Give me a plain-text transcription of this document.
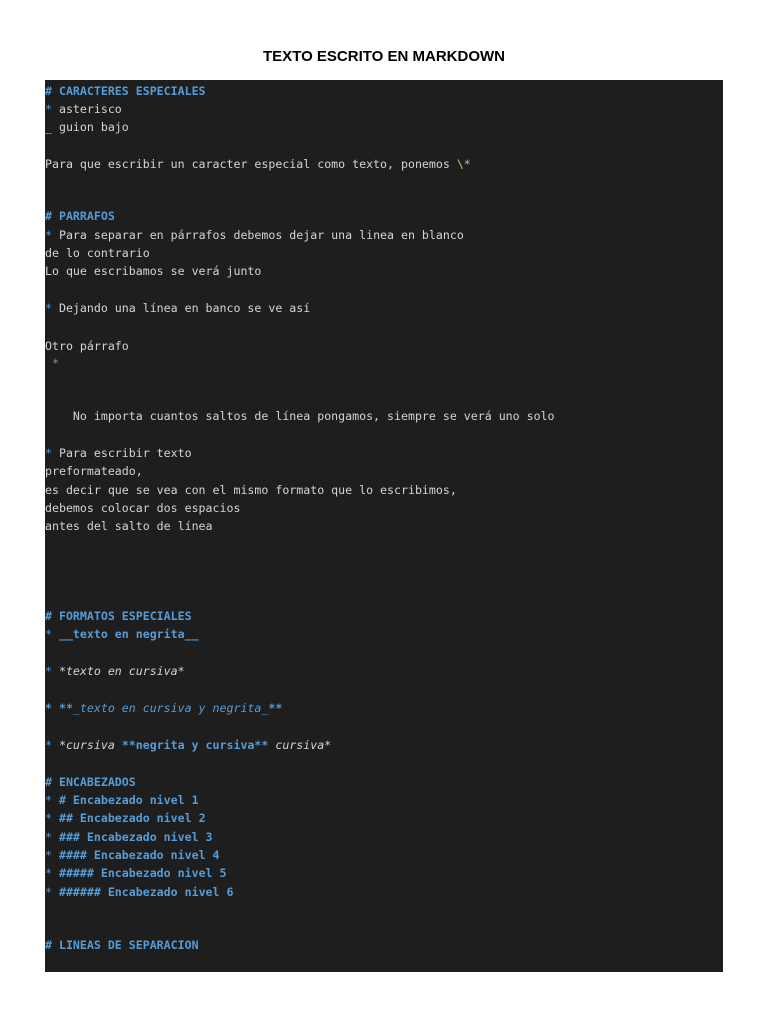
TEXTO ESCRITO EN MARKDOWN
# CARACTERES ESPECIALES
* asterisco
_ guion bajo
Para que escribir un caracter especial como texto, ponemos \*
# PARRAFOS
* Para separar en párrafos debemos dejar una linea en blanco
de lo contrario
Lo que escribamos se verá junto
* Dejando una línea en banco se ve así
Otro párrafo
*
No importa cuantos saltos de línea pongamos, siempre se verá uno solo
* Para escribir texto
preformateado,
es decir que se vea con el mismo formato que lo escribimos,
debemos colocar dos espacios
antes del salto de línea
# FORMATOS ESPECIALES
* __texto en negrita__
* *texto en cursiva*
* **_texto en cursiva y negrita_**
* *cursiva **negrita y cursiva** cursiva*
# ENCABEZADOS
* # Encabezado nivel 1
* ## Encabezado nivel 2
* ### Encabezado nivel 3
* #### Encabezado nivel 4
* ##### Encabezado nivel 5
* ###### Encabezado nivel 6
# LINEAS DE SEPARACION
